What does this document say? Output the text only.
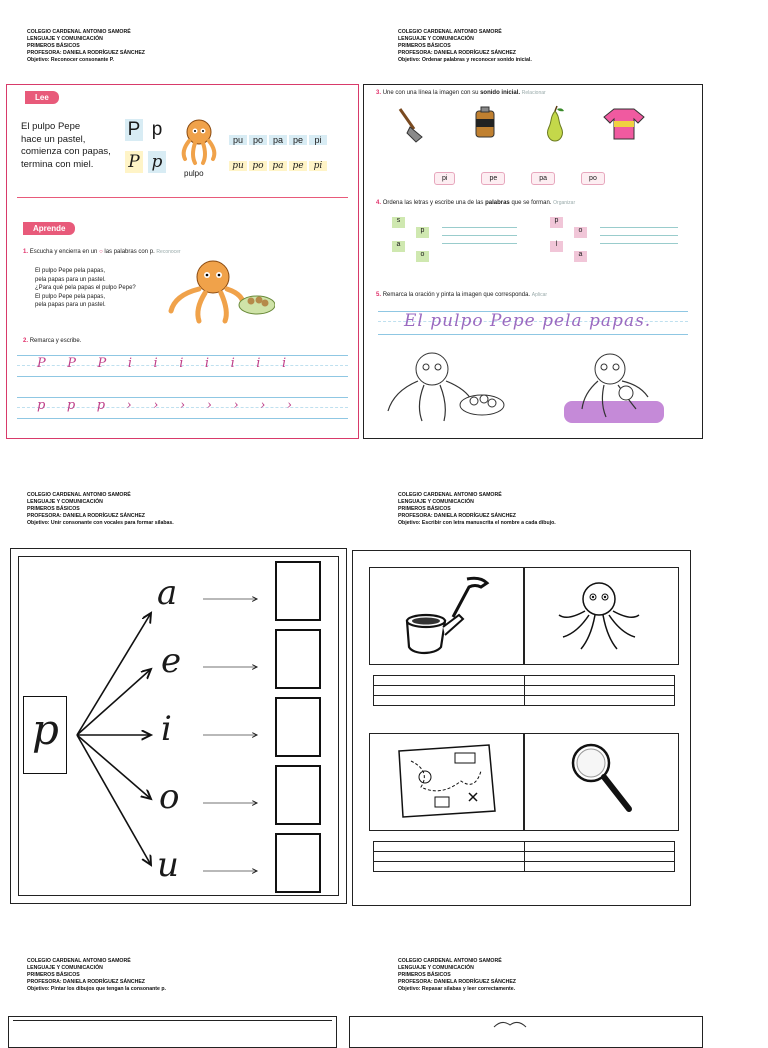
COLEGIO CARDENAL ANTONIO SAMORÉ
LENGUAJE Y COMUNICACIÓN
PRIMEROS BÁSICOS
PROFESORA: DANIELA RODRÍGUEZ SÁNCHEZ
Objetivo: Reconocer consonante P.
COLEGIO CARDENAL ANTONIO SAMORÉ
LENGUAJE Y COMUNICACIÓN
PRIMEROS BÁSICOS
PROFESORA: DANIELA RODRÍGUEZ SÁNCHEZ
Objetivo: Ordenar palabras y reconocer sonido inicial.
COLEGIO CARDENAL ANTONIO SAMORÉ
LENGUAJE Y COMUNICACIÓN
PRIMEROS BÁSICOS
PROFESORA: DANIELA RODRÍGUEZ SÁNCHEZ
Objetivo: Unir consonante con vocales para formar sílabas.
COLEGIO CARDENAL ANTONIO SAMORÉ
LENGUAJE Y COMUNICACIÓN
PRIMEROS BÁSICOS
PROFESORA: DANIELA RODRÍGUEZ SÁNCHEZ
Objetivo: Escribir con letra manuscrita el nombre a cada dibujo.
COLEGIO CARDENAL ANTONIO SAMORÉ
LENGUAJE Y COMUNICACIÓN
PRIMEROS BÁSICOS
PROFESORA: DANIELA RODRÍGUEZ SÁNCHEZ
Objetivo: Pintar los dibujos que tengan la consonante p.
COLEGIO CARDENAL ANTONIO SAMORÉ
LENGUAJE Y COMUNICACIÓN
PRIMEROS BÁSICOS
PROFESORA: DANIELA RODRÍGUEZ SÁNCHEZ
Objetivo: Repasar sílabas y leer correctamente.
Lee
El pulpo Pepe
hace un pastel,
comienza con papas,
termina con miel.
P p
P p
pulpo
pu po pa pe pi
pu po pa pe pi
Aprende
1. Escucha y encierra en un ○ las palabras con p. Reconocer
El pulpo Pepe pela papas,
pela papas para un pastel.
¿Para qué pela papas el pulpo Pepe?
El pulpo Pepe pela papas,
pela papas para un pastel.
2. Remarca y escribe.
P    P    P    i    i    i    i    i    i    i
p    p    p    ›    ›    ›    ›    ›    ›    ›
3. Une con una línea la imagen con su sonido inicial. Relacionar
pi	pe	pa	po
4. Ordena las letras y escribe una de las palabras que se forman. Organizar
s
p
a
o
p
o
l
a
5. Remarca la oración y pinta la imagen que corresponda. Aplicar
El pulpo Pepe pela papas.
p
a
e
i
o
u
